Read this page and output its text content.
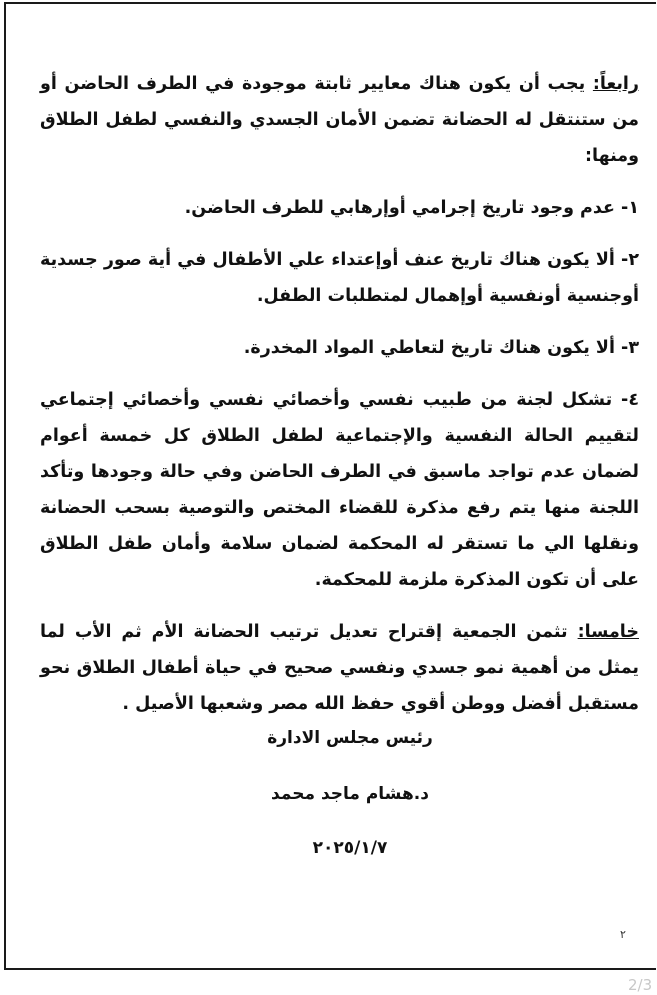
رابعاً: يجب أن يكون هناك معايير ثابتة موجودة في الطرف الحاضن أو من ستنتقل له الحضانة تضمن الأمان الجسدي والنفسي لطفل الطلاق ومنها:

١- عدم وجود تاريخ إجرامي أوإرهابي للطرف الحاضن.

٢- ألا يكون هناك تاريخ عنف أوإعتداء علي الأطفال في أية صور جسدية أوجنسية أونفسية أوإهمال لمتطلبات الطفل.

٣- ألا يكون هناك تاريخ لتعاطي المواد المخدرة.

٤- تشكل لجنة من طبيب نفسي وأخصائي نفسي وأخصائي إجتماعي لتقييم الحالة النفسية والإجتماعية لطفل الطلاق كل خمسة أعوام لضمان عدم تواجد ماسبق في الطرف الحاضن وفي حالة وجودها وتأكد اللجنة منها يتم رفع مذكرة للقضاء المختص والتوصية بسحب الحضانة ونقلها الي ما تستقر له المحكمة لضمان سلامة وأمان طفل الطلاق على أن تكون المذكرة ملزمة للمحكمة.

خامسا: تثمن الجمعية إقتراح تعديل ترتيب الحضانة الأم ثم الأب لما يمثل من أهمية نمو جسدي ونفسي صحيح في حياة أطفال الطلاق نحو مستقبل أفضل ووطن أقوي حفظ الله مصر وشعبها الأصيل .

رئيس مجلس الادارة
د.هشام ماجد محمد
٢٠٢٥/١/٧
٢
2/3
